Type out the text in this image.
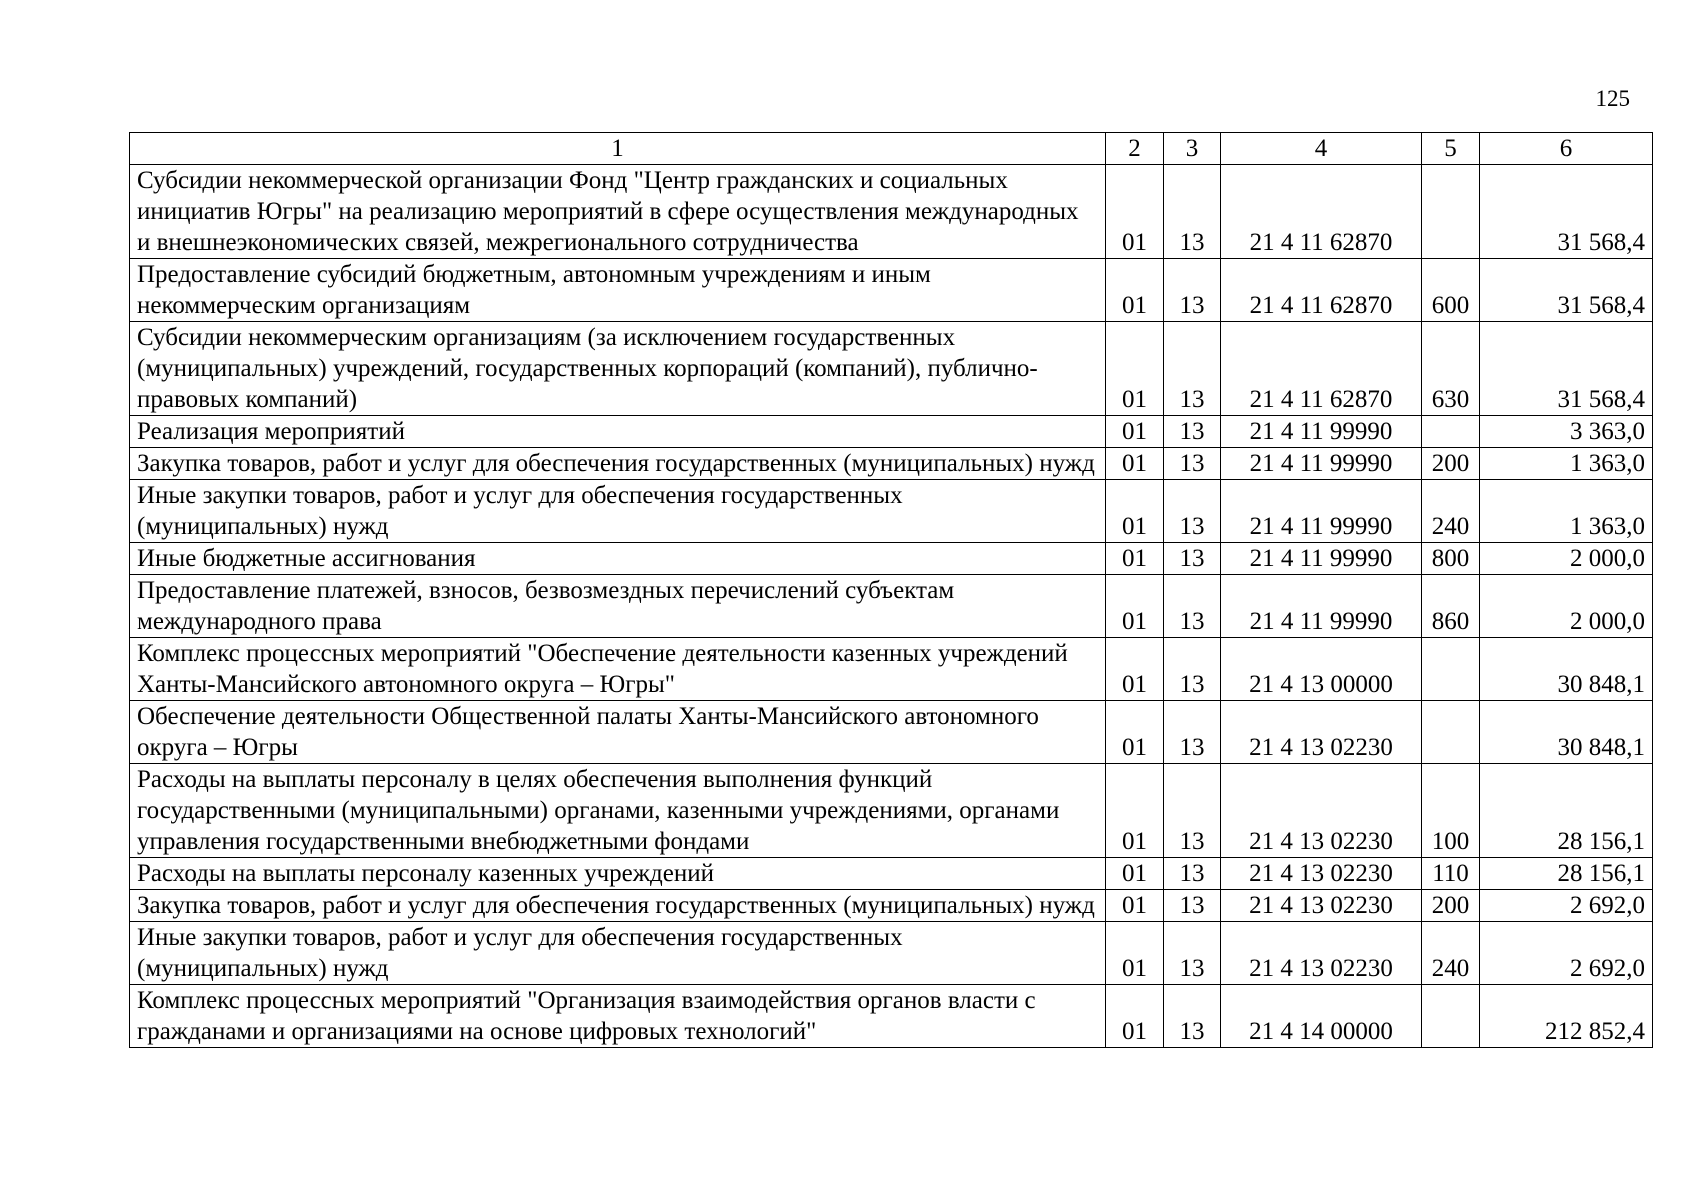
125
1	2	3	4	5	6
Субсидии некоммерческой организации Фонд "Центр гражданских и социальных инициатив Югры" на реализацию мероприятий в сфере осуществления международных и внешнеэкономических связей, межрегионального сотрудничества	01	13	21 4 11 62870		31 568,4
Предоставление субсидий бюджетным, автономным учреждениям и иным некоммерческим организациям	01	13	21 4 11 62870	600	31 568,4
Субсидии некоммерческим организациям (за исключением государственных (муниципальных) учреждений, государственных корпораций (компаний), публично-правовых компаний)	01	13	21 4 11 62870	630	31 568,4
Реализация мероприятий	01	13	21 4 11 99990		3 363,0
Закупка товаров, работ и услуг для обеспечения государственных (муниципальных) нужд	01	13	21 4 11 99990	200	1 363,0
Иные закупки товаров, работ и услуг для обеспечения государственных (муниципальных) нужд	01	13	21 4 11 99990	240	1 363,0
Иные бюджетные ассигнования	01	13	21 4 11 99990	800	2 000,0
Предоставление платежей, взносов, безвозмездных перечислений субъектам международного права	01	13	21 4 11 99990	860	2 000,0
Комплекс процессных мероприятий "Обеспечение деятельности казенных учреждений Ханты-Мансийского автономного округа – Югры"	01	13	21 4 13 00000		30 848,1
Обеспечение деятельности Общественной палаты Ханты-Мансийского автономного округа – Югры	01	13	21 4 13 02230		30 848,1
Расходы на выплаты персоналу в целях обеспечения выполнения функций государственными (муниципальными) органами, казенными учреждениями, органами управления государственными внебюджетными фондами	01	13	21 4 13 02230	100	28 156,1
Расходы на выплаты персоналу казенных учреждений	01	13	21 4 13 02230	110	28 156,1
Закупка товаров, работ и услуг для обеспечения государственных (муниципальных) нужд	01	13	21 4 13 02230	200	2 692,0
Иные закупки товаров, работ и услуг для обеспечения государственных (муниципальных) нужд	01	13	21 4 13 02230	240	2 692,0
Комплекс процессных мероприятий "Организация взаимодействия органов власти с гражданами и организациями на основе цифровых технологий"	01	13	21 4 14 00000		212 852,4
